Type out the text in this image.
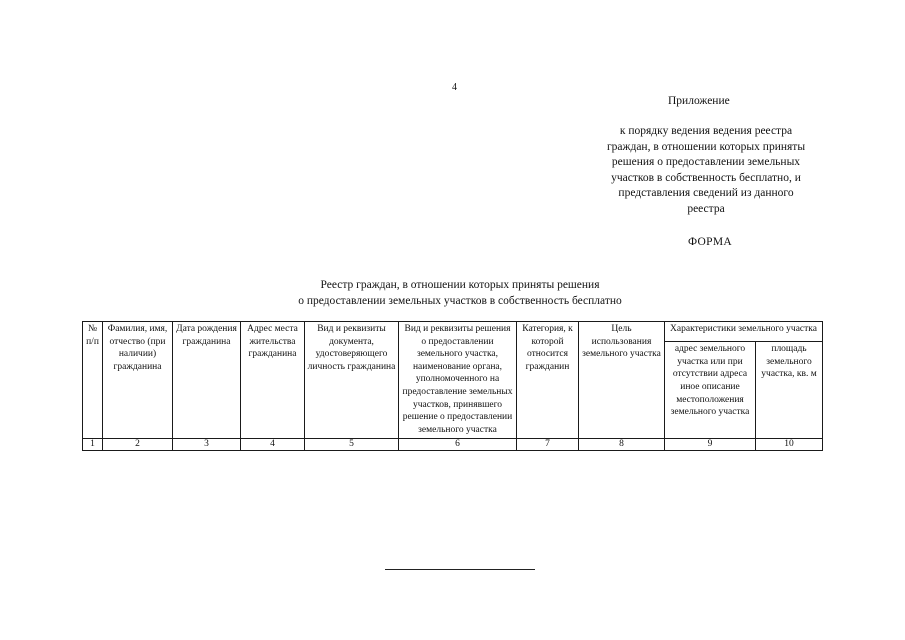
4
Приложение
к порядку ведения ведения реестра
граждан, в отношении которых приняты
решения о предоставлении земельных
участков в собственность бесплатно, и
представления сведений из данного
реестра
ФОРМА
Реестр граждан, в отношении которых приняты решения
о предоставлении земельных участков в собственность бесплатно
№ п/п	Фамилия, имя, отчество (при наличии) гражданина	Дата рождения гражданина	Адрес места жительства гражданина	Вид и реквизиты документа, удостоверяющего личность гражданина	Вид и реквизиты решения о предоставлении земельного участка, наименование органа, уполномоченного на предоставление земельных участков, принявшего решение о предоставлении земельного участка	Категория, к которой относится гражданин	Цель использования земельного участка	Характеристики земельного участка	
								адрес земельного участка или при отсутствии адреса иное описание местоположения земельного участка	площадь земельного участка, кв. м
1	2	3	4	5	6	7	8	9	10
